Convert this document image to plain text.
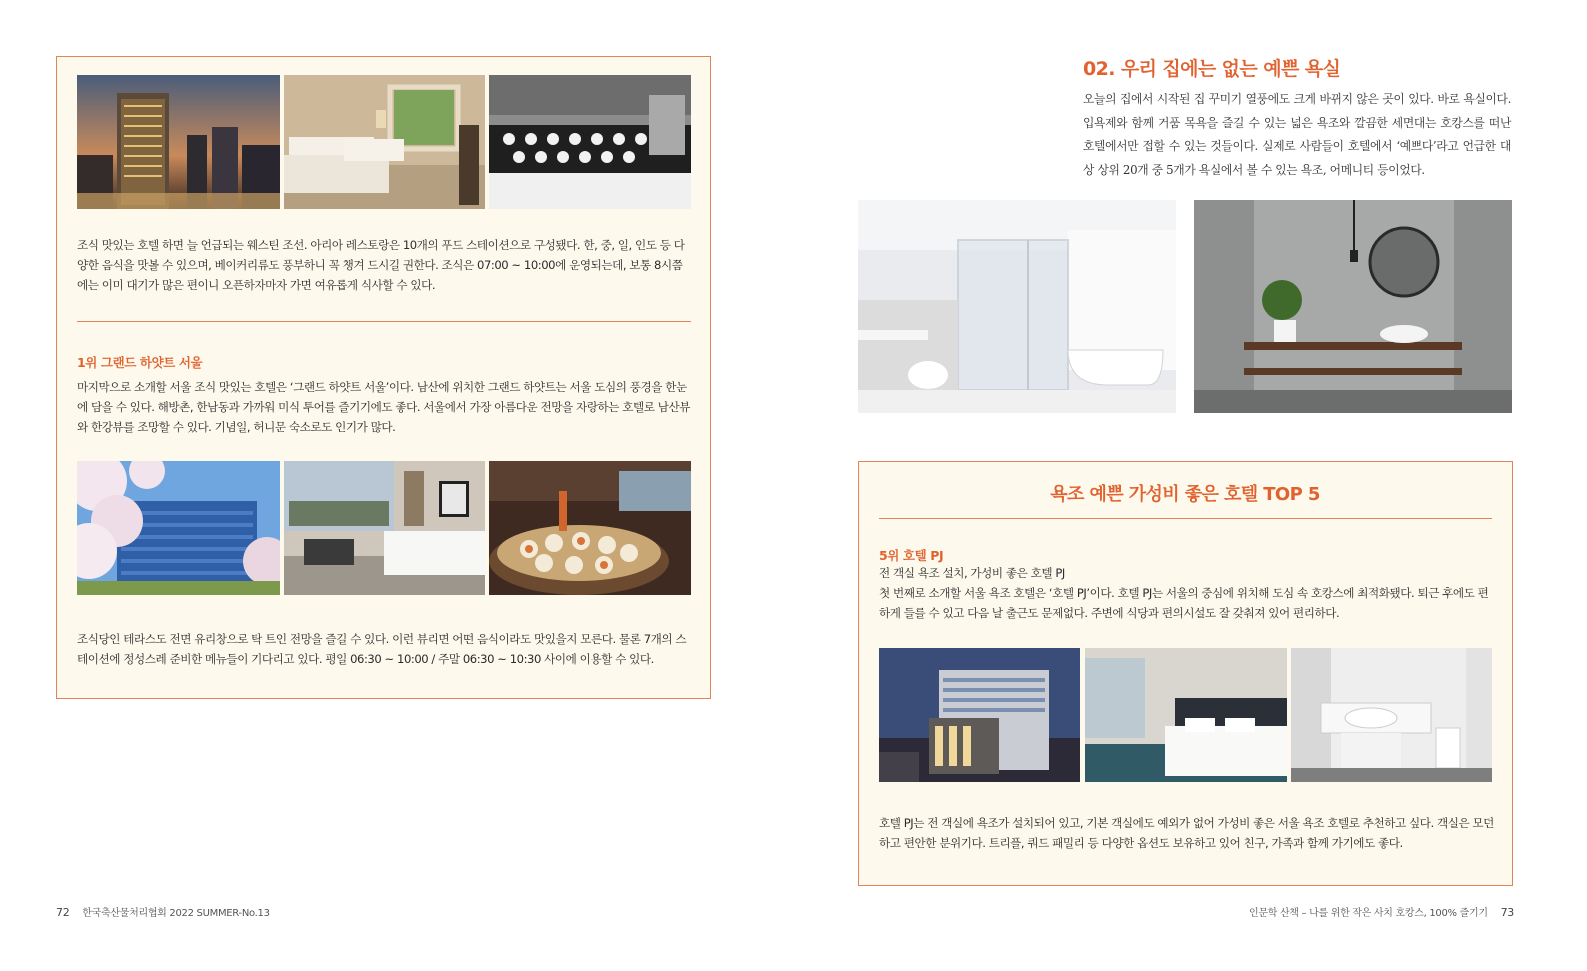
조식 맛있는 호텔 하면 늘 언급되는 웨스틴 조선. 아리아 레스토랑은 10개의 푸드 스테이션으로 구성됐다. 한, 중, 일, 인도 등 다양한 음식을 맛볼 수 있으며, 베이커리류도 풍부하니 꼭 챙겨 드시길 권한다. 조식은 07:00 ~ 10:00에 운영되는데, 보통 8시쯤에는 이미 대기가 많은 편이니 오픈하자마자 가면 여유롭게 식사할 수 있다.

1위 그랜드 하얏트 서울

마지막으로 소개할 서울 조식 맛있는 호텔은 ‘그랜드 하얏트 서울’이다. 남산에 위치한 그랜드 하얏트는 서울 도심의 풍경을 한눈에 담을 수 있다. 해방촌, 한남동과 가까워 미식 투어를 즐기기에도 좋다. 서울에서 가장 아름다운 전망을 자랑하는 호텔로 남산뷰와 한강뷰를 조망할 수 있다. 기념일, 허니문 숙소로도 인기가 많다.

조식당인 테라스도 전면 유리창으로 탁 트인 전망을 즐길 수 있다. 이런 뷰리면 어떤 음식이라도 맛있을지 모른다. 물론 7개의 스테이션에 정성스레 준비한 메뉴들이 기다리고 있다. 평일 06:30 ~ 10:00 / 주말 06:30 ~ 10:30 사이에 이용할 수 있다.

72 한국축산물처리협회 2022 SUMMER-No.13
02. 우리 집에는 없는 예쁜 욕실

오늘의 집에서 시작된 집 꾸미기 열풍에도 크게 바뀌지 않은 곳이 있다. 바로 욕실이다. 입욕제와 함께 거품 목욕을 즐길 수 있는 넓은 욕조와 깔끔한 세면대는 호캉스를 떠난 호텔에서만 접할 수 있는 것들이다. 실제로 사람들이 호텔에서 ‘예쁘다’라고 언급한 대상 상위 20개 중 5개가 욕실에서 볼 수 있는 욕조, 어메니티 등이었다.

욕조 예쁜 가성비 좋은 호텔 TOP 5

5위 호텔 PJ

전 객실 욕조 설치, 가성비 좋은 호텔 PJ

첫 번째로 소개할 서울 욕조 호텔은 ‘호텔 PJ’이다. 호텔 PJ는 서울의 중심에 위치해 도심 속 호캉스에 최적화됐다. 퇴근 후에도 편하게 들를 수 있고 다음 날 출근도 문제없다. 주변에 식당과 편의시설도 잘 갖춰져 있어 편리하다.

호텔 PJ는 전 객실에 욕조가 설치되어 있고, 기본 객실에도 예외가 없어 가성비 좋은 서울 욕조 호텔로 추천하고 싶다. 객실은 모던하고 편안한 분위기다. 트리플, 쿼드 패밀리 등 다양한 옵션도 보유하고 있어 친구, 가족과 함께 가기에도 좋다.

인문학 산책 – 나를 위한 작은 사치 호캉스, 100% 즐기기 73
